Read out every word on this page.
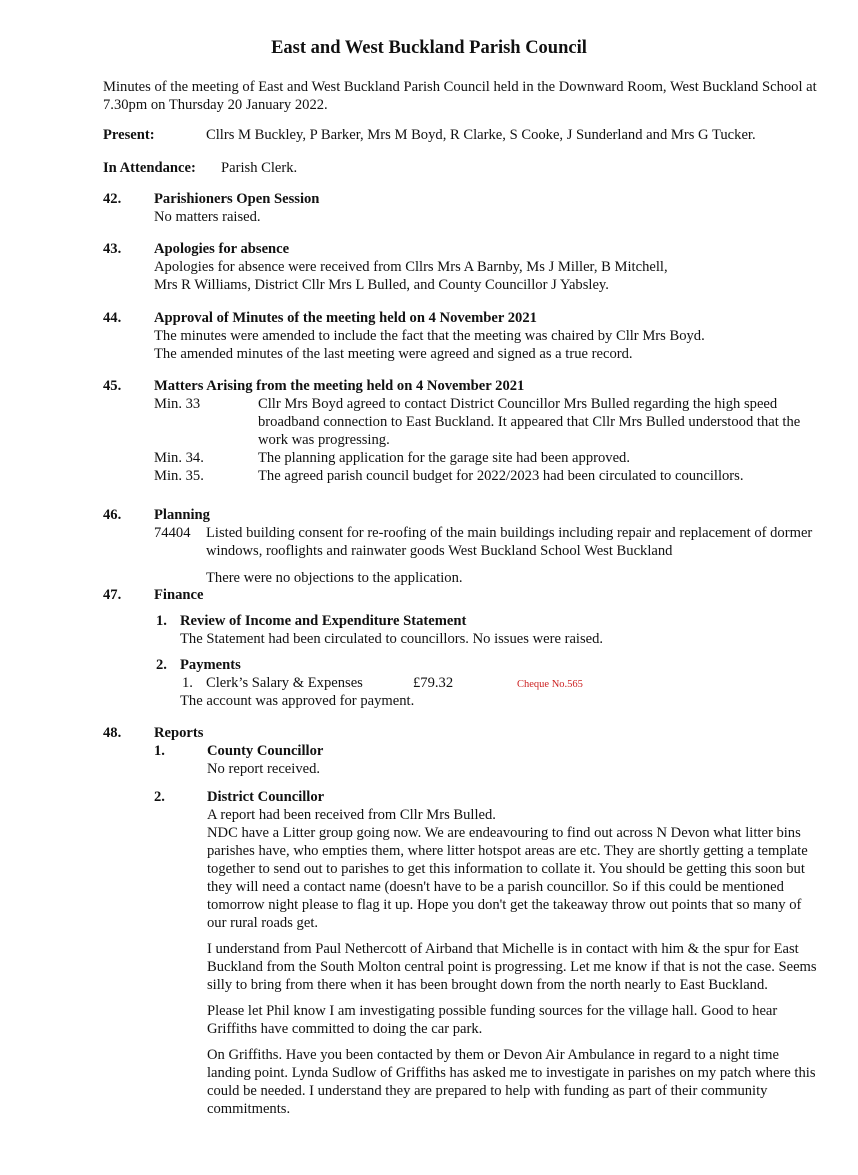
East and West Buckland Parish Council

Minutes of the meeting of East and West Buckland Parish Council held in the Downward Room, West Buckland School at 7.30pm on Thursday 20 January 2022.

Present:	Cllrs M Buckley, P Barker, Mrs M Boyd, R Clarke, S Cooke, J Sunderland and Mrs G Tucker.
In Attendance: Parish Clerk.
42. Parishioners Open Session
No matters raised.
43. Apologies for absence
Apologies for absence were received from Cllrs Mrs A Barnby, Ms J Miller, B Mitchell,
Mrs R Williams, District Cllr Mrs L Bulled, and County Councillor J Yabsley.
44. Approval of Minutes of the meeting held on 4 November 2021
The minutes were amended to include the fact that the meeting was chaired by Cllr Mrs Boyd.
The amended minutes of the last meeting were agreed and signed as a true record.
45. Matters Arising from the meeting held on 4 November 2021
Min. 33	Cllr Mrs Boyd agreed to contact District Councillor Mrs Bulled regarding the high speed broadband connection to East Buckland. It appeared that Cllr Mrs Bulled understood that the work was progressing.
Min. 34.	The planning application for the garage site had been approved.
Min. 35.	The agreed parish council budget for 2022/2023 had been circulated to councillors.
46. Planning
74404	Listed building consent for re-roofing of the main buildings including repair and replacement of dormer windows, rooflights and rainwater goods West Buckland School West Buckland
There were no objections to the application.
47. Finance
1. Review of Income and Expenditure Statement
The Statement had been circulated to councillors. No issues were raised.
2. Payments
1. Clerk’s Salary & Expenses	£79.32	Cheque No.565
The account was approved for payment.
48. Reports
1.	County Councillor
No report received.
2.	District Councillor
A report had been received from Cllr Mrs Bulled.

NDC have a Litter group going now. We are endeavouring to find out across N Devon what litter bins parishes have, who empties them, where litter hotspot areas are etc. They are shortly getting a template together to send out to parishes to get this information to collate it. You should be getting this soon but they will need a contact name (doesn't have to be a parish councillor. So if this could be mentioned tomorrow night please to flag it up. Hope you don't get the takeaway throw out points that so many of our rural roads get.

I understand from Paul Nethercott of Airband that Michelle is in contact with him & the spur for East Buckland from the South Molton central point is progressing. Let me know if that is not the case. Seems silly to bring from there when it has been brought down from the north nearly to East Buckland.

Please let Phil know I am investigating possible funding sources for the village hall. Good to hear Griffiths have committed to doing the car park.

On Griffiths. Have you been contacted by them or Devon Air Ambulance in regard to a night time landing point. Lynda Sudlow of Griffiths has asked me to investigate in parishes on my patch where this could be needed. I understand they are prepared to help with funding as part of their community commitments.
